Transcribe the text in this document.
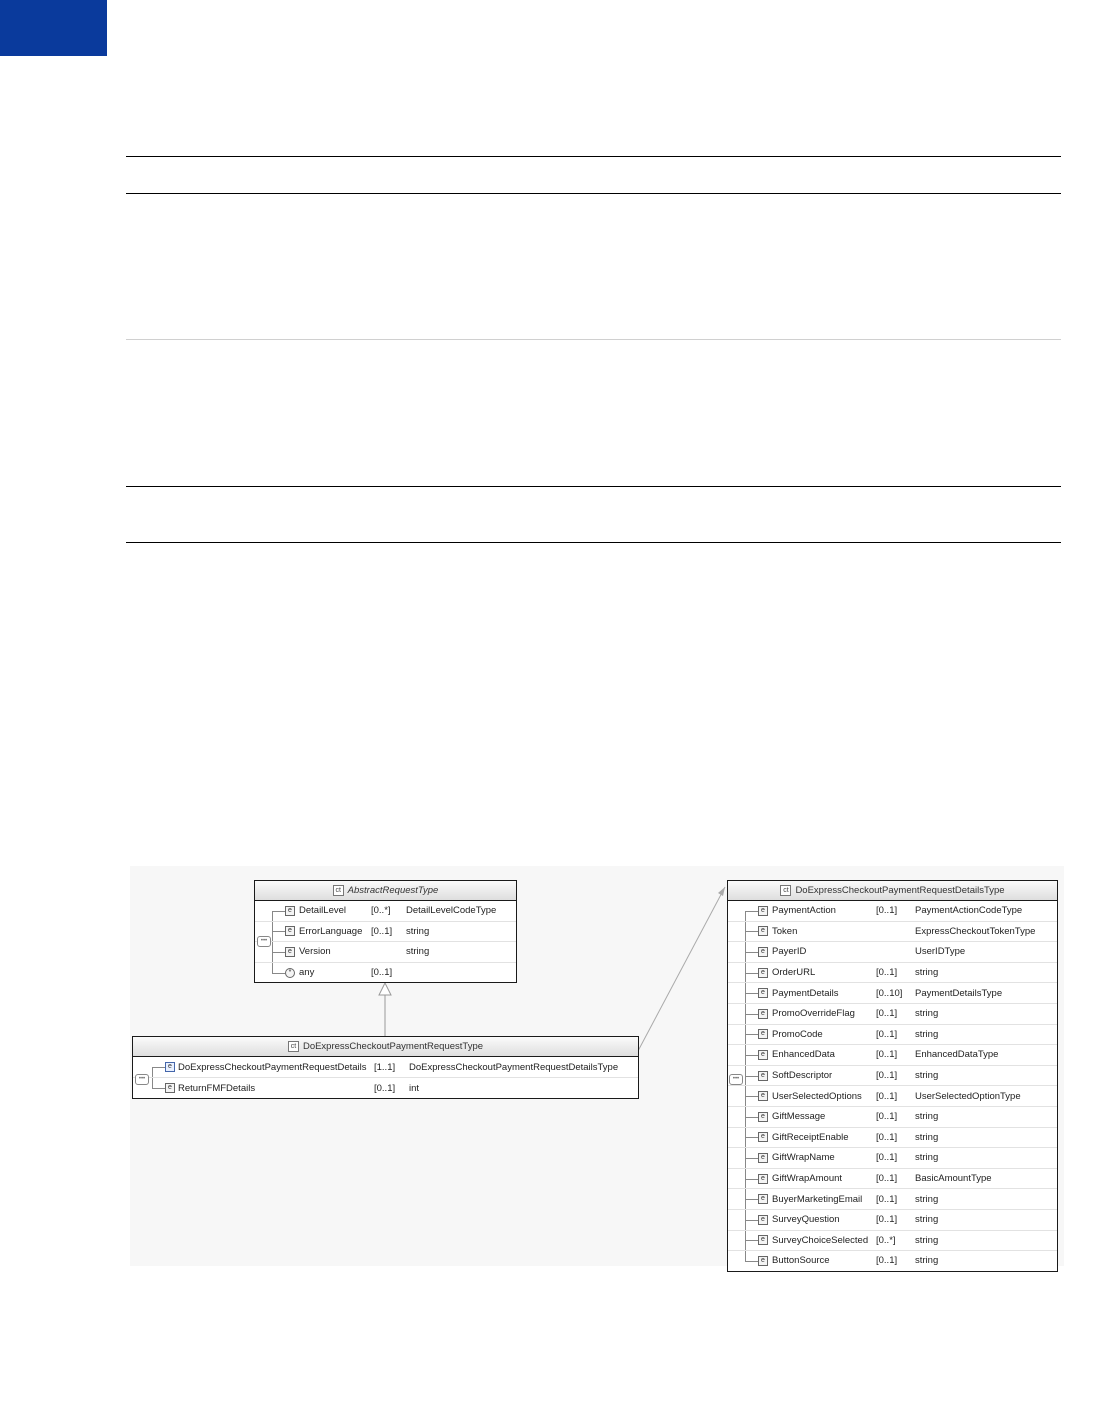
ct AbstractRequestType
e DetailLevel	[0..*] DetailLevelCodeType
e ErrorLanguage [0..1] string
e Version	string
* any	[0..1]
•••
ct DoExpressCheckoutPaymentRequestType
e DoExpressCheckoutPaymentRequestDetails [1..1] DoExpressCheckoutPaymentRequestDetailsType
e ReturnFMFDetails	[0..1] int
•••
ct DoExpressCheckoutPaymentRequestDetailsType
e PaymentAction	[0..1] PaymentActionCodeType
e Token	ExpressCheckoutTokenType
e PayerID	UserIDType
e OrderURL	[0..1] string
e PaymentDetails	[0..10] PaymentDetailsType
e PromoOverrideFlag [0..1] string
e PromoCode	[0..1] string
e EnhancedData	[0..1] EnhancedDataType
e SoftDescriptor	[0..1] string
e UserSelectedOptions [0..1] UserSelectedOptionType
e GiftMessage	[0..1] string
e GiftReceiptEnable	[0..1] string
e GiftWrapName	[0..1] string
e GiftWrapAmount	[0..1] BasicAmountType
e BuyerMarketingEmail [0..1] string
e SurveyQuestion	[0..1] string
e SurveyChoiceSelected [0..*] string
e ButtonSource	[0..1] string
•••
